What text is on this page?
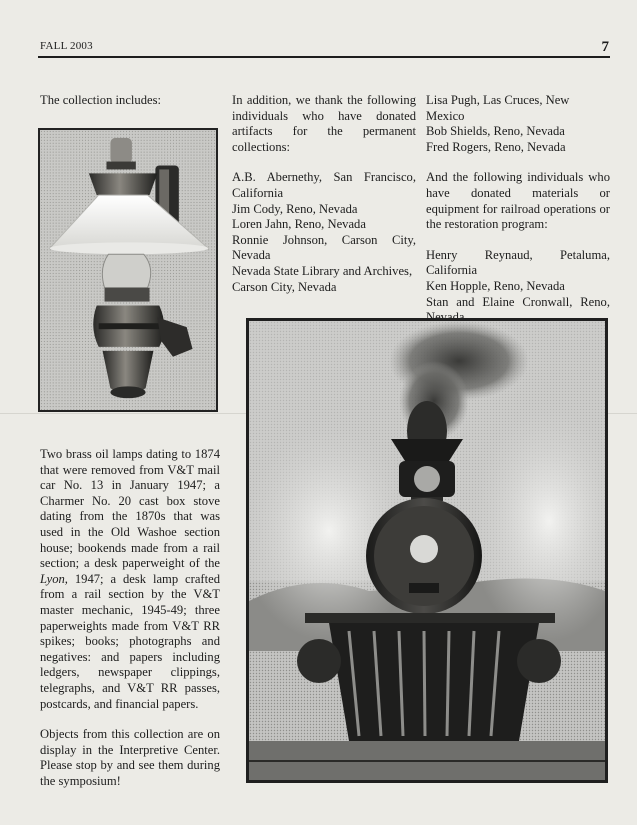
FALL 2003	7
The collection includes:

Two brass oil lamps dating to 1874 that were removed from V&T mail car No. 13 in January 1947; a Charmer No. 20 cast box stove dating from the 1870s that was used in the Old Washoe section house; bookends made from a rail section; a desk paperweight of the Lyon, 1947; a desk lamp crafted from a rail section by the V&T master mechanic, 1945-49; three paperweights made from V&T RR spikes; books; photographs and negatives: and papers including ledgers, newspaper clippings, telegraphs, and V&T RR passes, postcards, and financial papers.

Objects from this collection are on display in the Interpretive Center. Please stop by and see them during the symposium!

In addition, we thank the following individuals who have donated artifacts for the permanent collections:

A.B. Abernethy, San Francisco, California

Jim Cody, Reno, Nevada

Loren Jahn, Reno, Nevada

Ronnie Johnson, Carson City, Nevada

Nevada State Library and Archives, Carson City, Nevada

Lisa Pugh, Las Cruces, New Mexico

Bob Shields, Reno, Nevada

Fred Rogers, Reno, Nevada

And the following individuals who have donated materials or equipment for railroad operations or the restoration program:

Henry Reynaud, Petaluma, California

Ken Hopple, Reno, Nevada

Stan and Elaine Cronwall, Reno,
